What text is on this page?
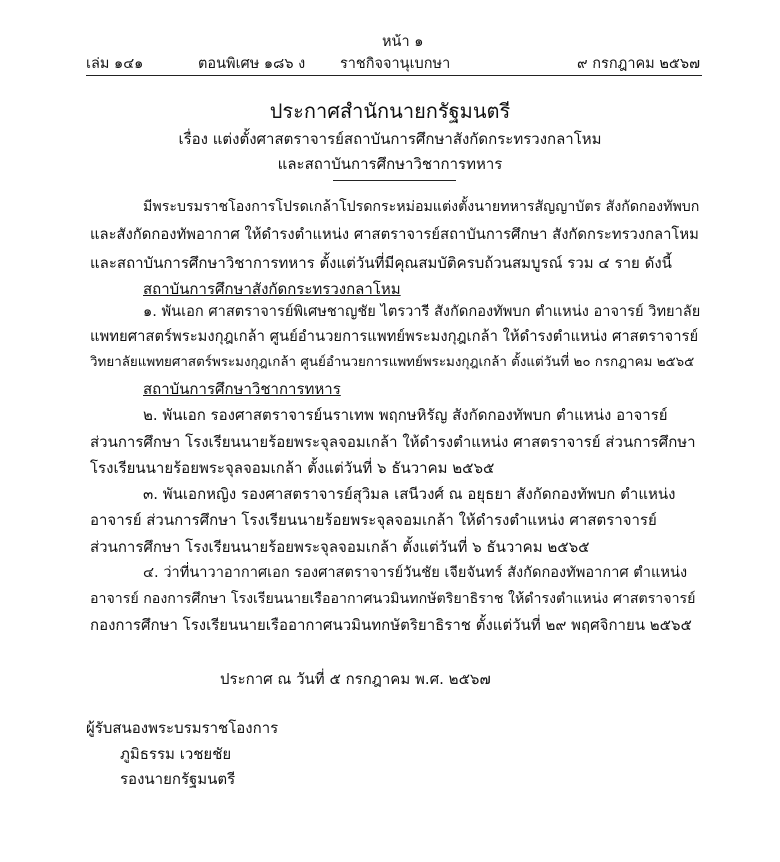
หน้า ๑
เล่ม ๑๔๑	ตอนพิเศษ ๑๘๖ ง ราชกิจจานุเบกษา	๙ กรกฎาคม ๒๕๖๗
ประกาศสำนักนายกรัฐมนตรี
เรื่อง แต่งตั้งศาสตราจารย์สถาบันการศึกษาสังกัดกระทรวงกลาโหม
และสถาบันการศึกษาวิชาการทหาร
มีพระบรมราชโองการโปรดเกล้าโปรดกระหม่อมแต่งตั้งนายทหารสัญญาบัตร สังกัดกองทัพบก
และสังกัดกองทัพอากาศ ให้ดำรงตำแหน่ง ศาสตราจารย์สถาบันการศึกษา สังกัดกระทรวงกลาโหม
และสถาบันการศึกษาวิชาการทหาร ตั้งแต่วันที่มีคุณสมบัติครบถ้วนสมบูรณ์ รวม ๔ ราย ดังนี้
สถาบันการศึกษาสังกัดกระทรวงกลาโหม
๑. พันเอก ศาสตราจารย์พิเศษชาญชัย ไตรวารี สังกัดกองทัพบก ตำแหน่ง อาจารย์ วิทยาลัย
แพทยศาสตร์พระมงกุฎเกล้า ศูนย์อำนวยการแพทย์พระมงกุฎเกล้า ให้ดำรงตำแหน่ง ศาสตราจารย์
วิทยาลัยแพทยศาสตร์พระมงกุฎเกล้า ศูนย์อำนวยการแพทย์พระมงกุฎเกล้า ตั้งแต่วันที่ ๒๐ กรกฎาคม ๒๕๖๕
สถาบันการศึกษาวิชาการทหาร
๒. พันเอก รองศาสตราจารย์นราเทพ พฤกษหิรัญ สังกัดกองทัพบก ตำแหน่ง อาจารย์
ส่วนการศึกษา โรงเรียนนายร้อยพระจุลจอมเกล้า ให้ดำรงตำแหน่ง ศาสตราจารย์ ส่วนการศึกษา
โรงเรียนนายร้อยพระจุลจอมเกล้า ตั้งแต่วันที่ ๖ ธันวาคม ๒๕๖๕
๓. พันเอกหญิง รองศาสตราจารย์สุวิมล เสนีวงศ์ ณ อยุธยา สังกัดกองทัพบก ตำแหน่ง
อาจารย์ ส่วนการศึกษา โรงเรียนนายร้อยพระจุลจอมเกล้า ให้ดำรงตำแหน่ง ศาสตราจารย์
ส่วนการศึกษา โรงเรียนนายร้อยพระจุลจอมเกล้า ตั้งแต่วันที่ ๖ ธันวาคม ๒๕๖๕
๔. ว่าที่นาวาอากาศเอก รองศาสตราจารย์วันชัย เจียจันทร์ สังกัดกองทัพอากาศ ตำแหน่ง
อาจารย์ กองการศึกษา โรงเรียนนายเรืออากาศนวมินทกษัตริยาธิราช ให้ดำรงตำแหน่ง ศาสตราจารย์
กองการศึกษา โรงเรียนนายเรืออากาศนวมินทกษัตริยาธิราช ตั้งแต่วันที่ ๒๙ พฤศจิกายน ๒๕๖๕
ประกาศ ณ วันที่ ๕ กรกฎาคม พ.ศ. ๒๕๖๗
ผู้รับสนองพระบรมราชโองการ
ภูมิธรรม เวชยชัย
รองนายกรัฐมนตรี
